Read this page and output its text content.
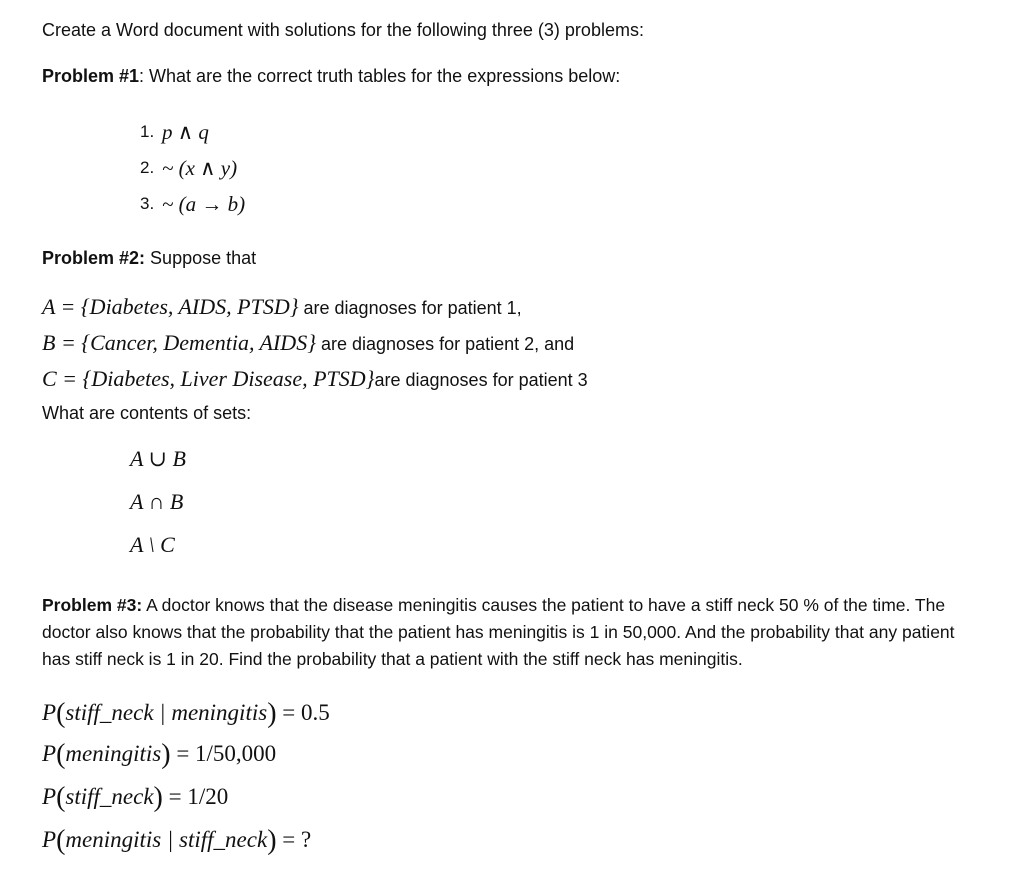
Create a Word document with solutions for the following three (3) problems:
Problem #1: What are the correct truth tables for the expressions below:
1. p ∧ q
2. ~ (x ∧ y)
3. ~ (a → b)
Problem #2: Suppose that
A = {Diabetes, AIDS, PTSD} are diagnoses for patient 1,
B = {Cancer, Dementia, AIDS} are diagnoses for patient 2, and
C = {Diabetes, Liver Disease, PTSD}are diagnoses for patient 3
What are contents of sets:
A ∪ B
A ∩ B
A \ C
Problem #3: A doctor knows that the disease meningitis causes the patient to have a stiff neck 50 % of the time. The doctor also knows that the probability that the patient has meningitis is 1 in 50,000. And the probability that any patient has stiff neck is 1 in 20. Find the probability that a patient with the stiff neck has meningitis.
P(stiff_neck | meningitis) = 0.5
P(meningitis) = 1/50,000
P(stiff_neck) = 1/20
P(meningitis | stiff_neck) = ?
